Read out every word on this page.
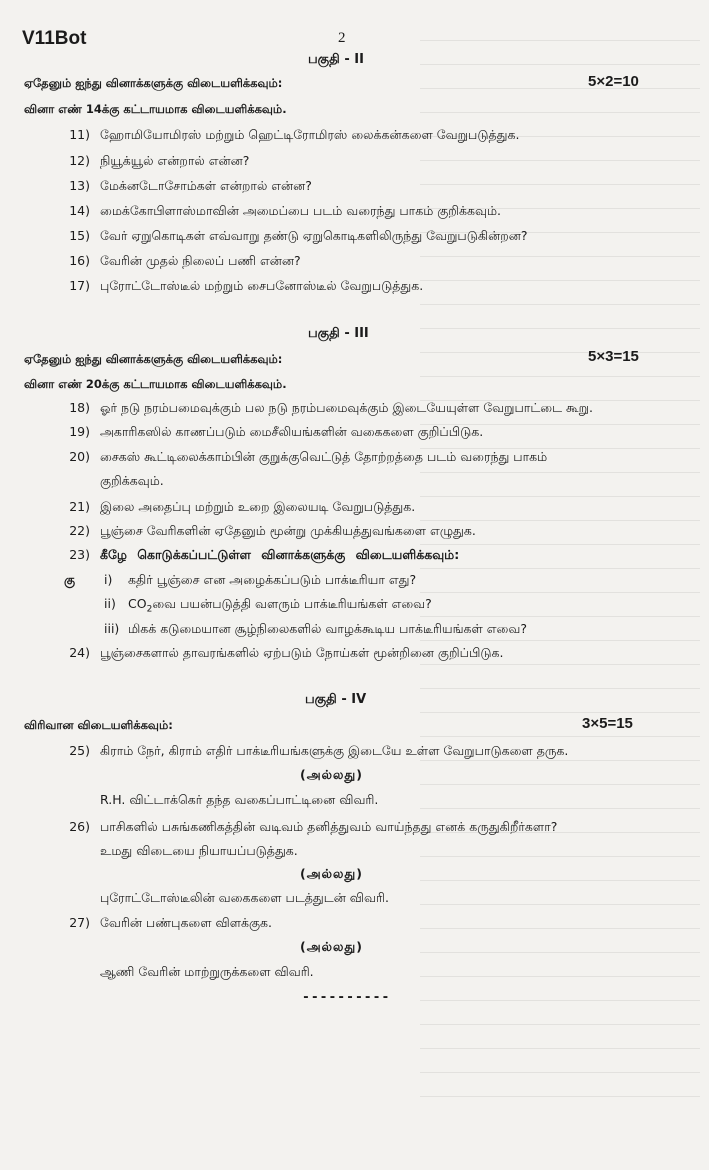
V11Bot	2
பகுதி - II
ஏதேனும் ஐந்து வினாக்களுக்கு விடையளிக்கவும்:	5×2=10
வினா எண் 14க்கு கட்டாயமாக விடையளிக்கவும்.
11) ஹோமியோமிரஸ் மற்றும் ஹெட்டிரோமிரஸ் லைக்கன்களை வேறுபடுத்துக.
12) நியூக்யூல் என்றால் என்ன?
13) மேக்னடோசோம்கள் என்றால் என்ன?
14) மைக்கோபிளாஸ்மாவின் அமைப்பை படம் வரைந்து பாகம் குறிக்கவும்.
15) வேர் ஏறுகொடிகள் எவ்வாறு தண்டு ஏறுகொடிகளிலிருந்து வேறுபடுகின்றன?
16) வேரின் முதல் நிலைப் பணி என்ன?
17) புரோட்டோஸ்டீல் மற்றும் சைபனோஸ்டீல் வேறுபடுத்துக.
பகுதி - III
ஏதேனும் ஐந்து வினாக்களுக்கு விடையளிக்கவும்:	5×3=15
வினா எண் 20க்கு கட்டாயமாக விடையளிக்கவும்.
18) ஓர் நடு நரம்பமைவுக்கும் பல நடு நரம்பமைவுக்கும் இடையேயுள்ள வேறுபாட்டை கூறு.
19) அகாரிகஸில் காணப்படும் மைசீலியங்களின் வகைகளை குறிப்பிடுக.
20) சைகஸ் கூட்டிலைக்காம்பின் குறுக்குவெட்டுத் தோற்றத்தை படம் வரைந்து பாகம்
குறிக்கவும்.
21) இலை அதைப்பு மற்றும் உறை இலையடி வேறுபடுத்துக.
22) பூஞ்சை வேரிகளின் ஏதேனும் மூன்று முக்கியத்துவங்களை எழுதுக.
23) கீழே கொடுக்கப்பட்டுள்ள வினாக்களுக்கு விடையளிக்கவும்:
கு i) கதிர் பூஞ்சை என அழைக்கப்படும் பாக்டீரியா எது?
ii) $CO_2வை$ பயன்படுத்தி வளரும் பாக்டீரியங்கள் எவை?
iii) மிகக் கடுமையான சூழ்நிலைகளில் வாழக்கூடிய பாக்டீரியங்கள் எவை?
24) பூஞ்சைகளால் தாவரங்களில் ஏற்படும் நோய்கள் மூன்றினை குறிப்பிடுக.
பகுதி - IV
விரிவான விடையளிக்கவும்:	3×5=15
25) கிராம் நேர், கிராம் எதிர் பாக்டீரியங்களுக்கு இடையே உள்ள வேறுபாடுகளை தருக.
(அல்லது)
R.H. விட்டாக்கெர் தந்த வகைப்பாட்டினை விவரி.
26) பாசிகளில் பசுங்கணிகத்தின் வடிவம் தனித்துவம் வாய்ந்தது எனக் கருதுகிறீர்களா?
உமது விடையை நியாயப்படுத்துக.
(அல்லது)
புரோட்டோஸ்டீலின் வகைகளை படத்துடன் விவரி.
27) வேரின் பண்புகளை விளக்குக.
(அல்லது)
ஆணி வேரின் மாற்றுருக்களை விவரி.
----------
